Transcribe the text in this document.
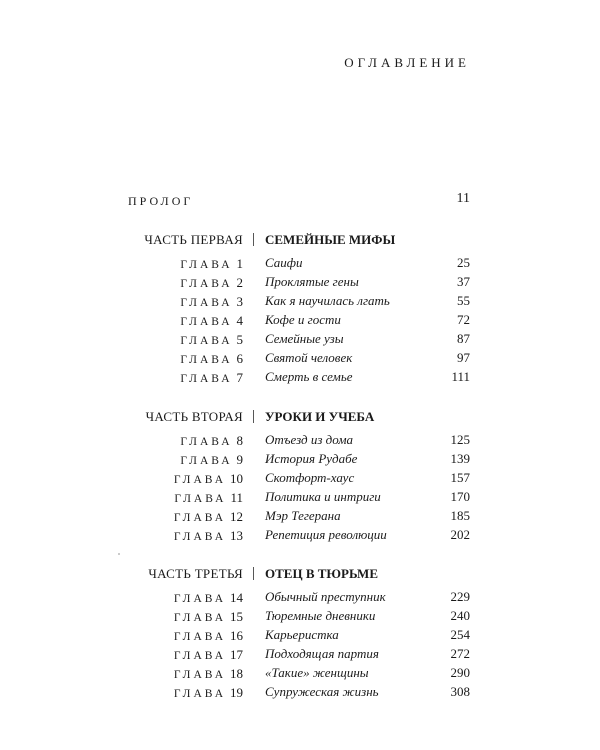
ОГЛАВЛЕНИЕ
ПРОЛОГ	11
ЧАСТЬ ПЕРВАЯ | СЕМЕЙНЫЕ МИФЫ
ГЛАВА 1 Саифи	25
ГЛАВА 2 Проклятые гены	37
ГЛАВА 3 Как я научилась лгать	55
ГЛАВА 4 Кофе и гости	72
ГЛАВА 5 Семейные узы	87
ГЛАВА 6 Святой человек	97
ГЛАВА 7 Смерть в семье	111
ЧАСТЬ ВТОРАЯ | УРОКИ И УЧЕБА
ГЛАВА 8 Отъезд из дома	125
ГЛАВА 9 История Рудабе	139
ГЛАВА 10 Скотфорт-хаус	157
ГЛАВА 11 Политика и интриги	170
ГЛАВА 12 Мэр Тегерана	185
ГЛАВА 13 Репетиция революции	202
ЧАСТЬ ТРЕТЬЯ | ОТЕЦ В ТЮРЬМЕ
ГЛАВА 14 Обычный преступник	229
ГЛАВА 15 Тюремные дневники	240
ГЛАВА 16 Карьеристка	254
ГЛАВА 17 Подходящая партия	272
ГЛАВА 18 «Такие» женщины	290
ГЛАВА 19 Супружеская жизнь	308
